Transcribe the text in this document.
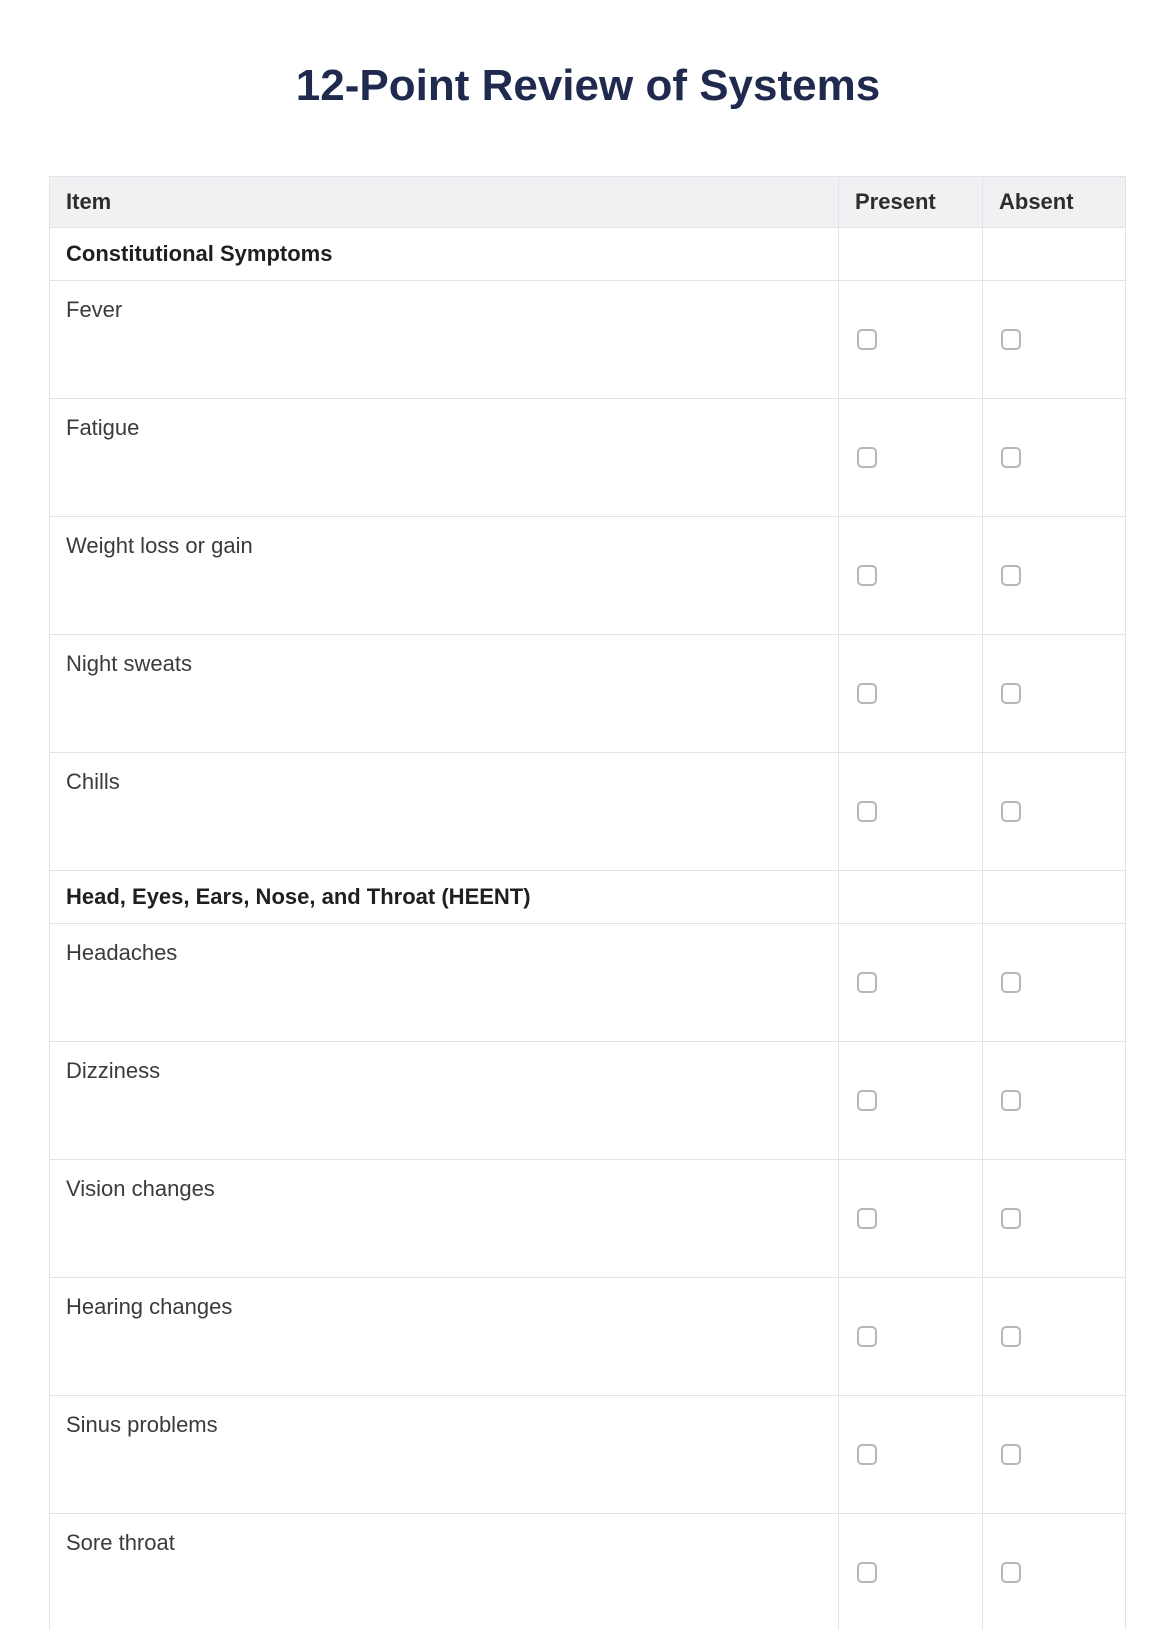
12-Point Review of Systems
Item	Present	Absent
Constitutional Symptoms		
Fever	

Fatigue	

Weight loss or gain	

Night sweats	

Chills	

Head, Eyes, Ears, Nose, and Throat (HEENT)		
Headaches	

Dizziness	

Vision changes	

Hearing changes	

Sinus problems	

Sore throat	
